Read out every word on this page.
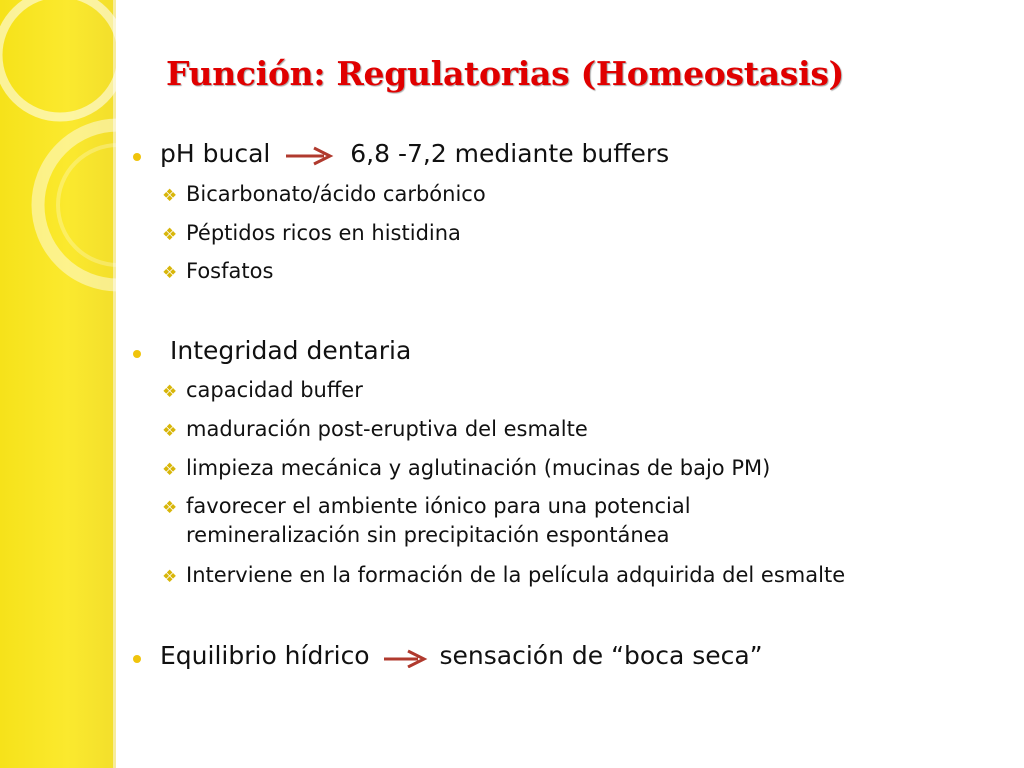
Función: Regulatorias (Homeostasis)
pH bucal	6,8 -7,2 mediante buffers
❖ Bicarbonato/ácido carbónico
❖ Péptidos ricos en histidina
❖ Fosfatos
Integridad dentaria
❖ capacidad buffer
❖ maduración post-eruptiva del esmalte
❖ limpieza mecánica y aglutinación (mucinas de bajo PM)
❖ favorecer el ambiente iónico para una potencial
remineralización sin precipitación espontánea
❖ Interviene en la formación de la película adquirida del esmalte
Equilibrio hídrico	sensación de “boca seca”
